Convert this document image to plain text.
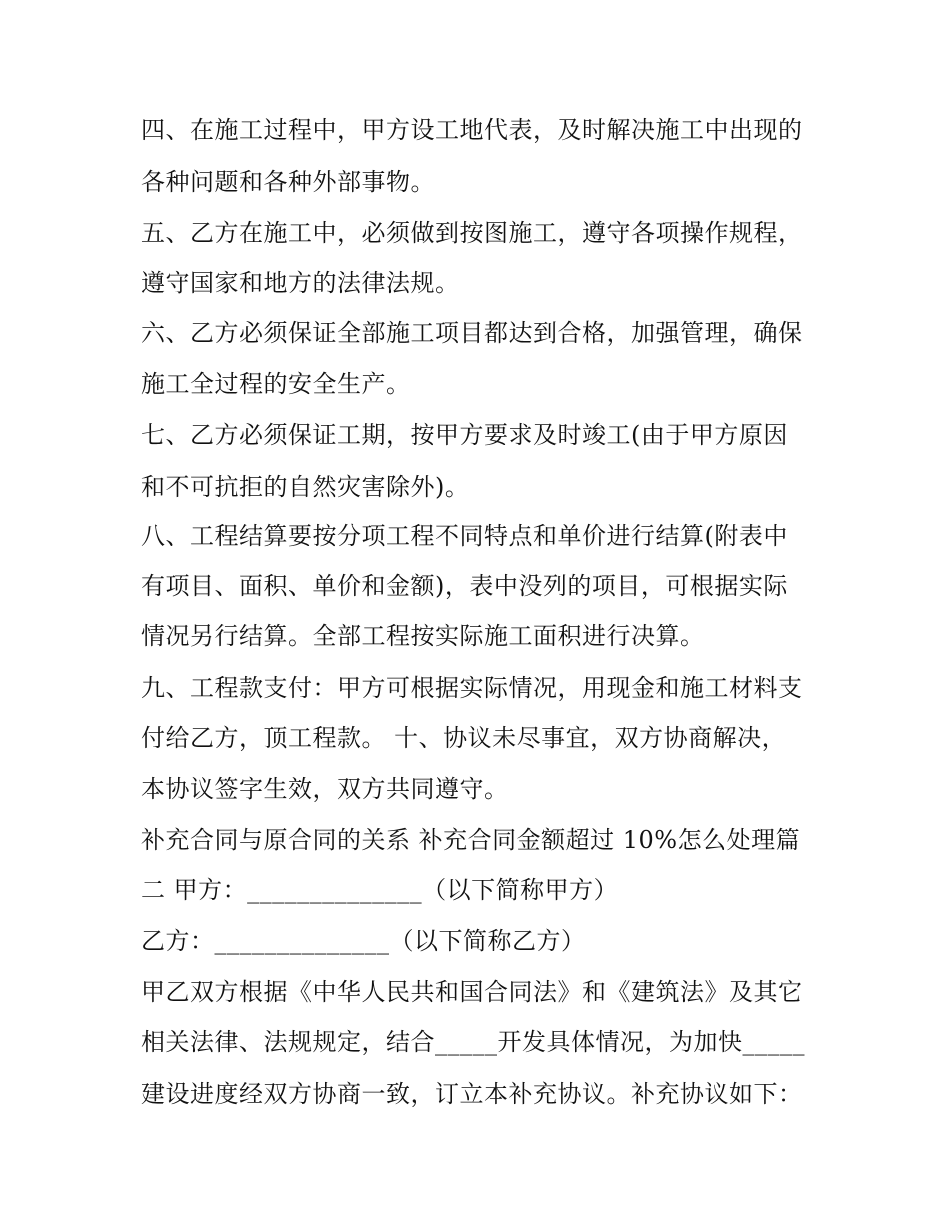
四、在施工过程中，甲方设工地代表，及时解决施工中出现的

各种问题和各种外部事物。

五、乙方在施工中，必须做到按图施工，遵守各项操作规程，

遵守国家和地方的法律法规。

六、乙方必须保证全部施工项目都达到合格，加强管理，确保

施工全过程的安全生产。

七、乙方必须保证工期，按甲方要求及时竣工(由于甲方原因

和不可抗拒的自然灾害除外)。

八、工程结算要按分项工程不同特点和单价进行结算(附表中

有项目、面积、单价和金额)，表中没列的项目，可根据实际

情况另行结算。全部工程按实际施工面积进行决算。

九、工程款支付：甲方可根据实际情况，用现金和施工材料支

付给乙方，顶工程款。 十、协议未尽事宜，双方协商解决，

本协议签字生效，双方共同遵守。

补充合同与原合同的关系 补充合同金额超过 10%怎么处理篇

二 甲方：______________（以下简称甲方）

乙方：______________（以下简称乙方）

甲乙双方根据《中华人民共和国合同法》和《建筑法》及其它

相关法律、法规规定，结合_____开发具体情况，为加快_____

建设进度经双方协商一致，订立本补充协议。补充协议如下：
